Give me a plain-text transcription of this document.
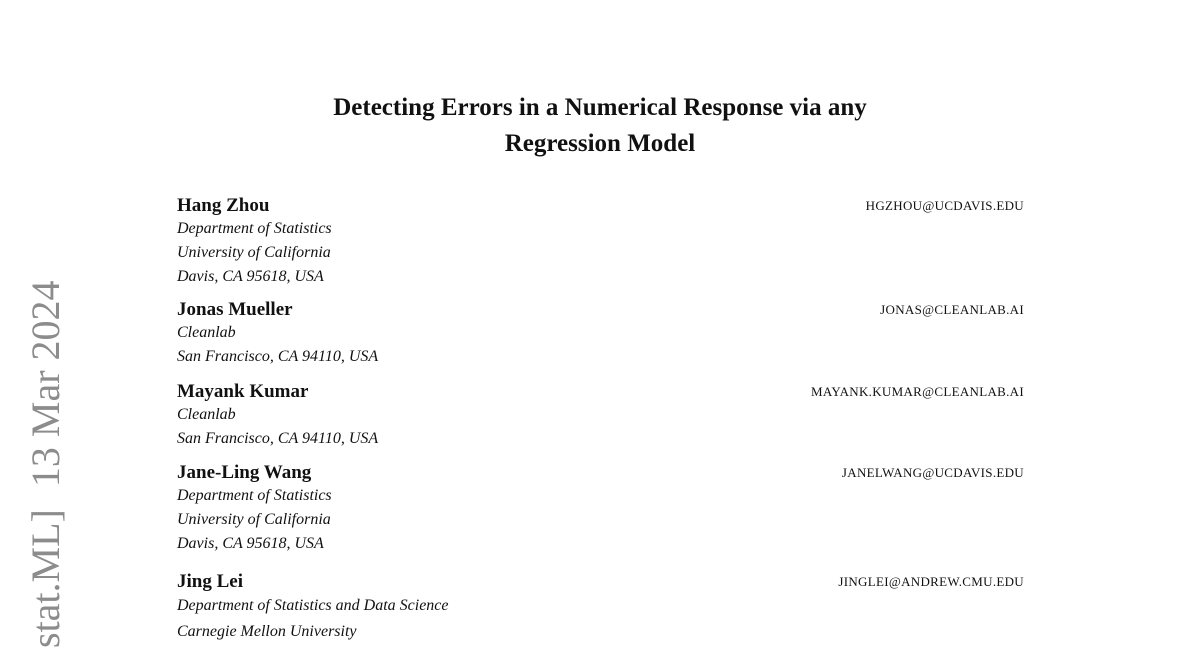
Detecting Errors in a Numerical Response via any
Regression Model
Hang Zhou	HGZHOU@UCDAVIS.EDU
Department of Statistics
University of California
Davis, CA 95618, USA
Jonas Mueller	JONAS@CLEANLAB.AI
Cleanlab
San Francisco, CA 94110, USA
Mayank Kumar	MAYANK.KUMAR@CLEANLAB.AI
Cleanlab
San Francisco, CA 94110, USA
Jane-Ling Wang	JANELWANG@UCDAVIS.EDU
Department of Statistics
University of California
Davis, CA 95618, USA
Jing Lei	JINGLEI@ANDREW.CMU.EDU
Department of Statistics and Data Science
Carnegie Mellon University
stat.ML]13 Mar 2024
